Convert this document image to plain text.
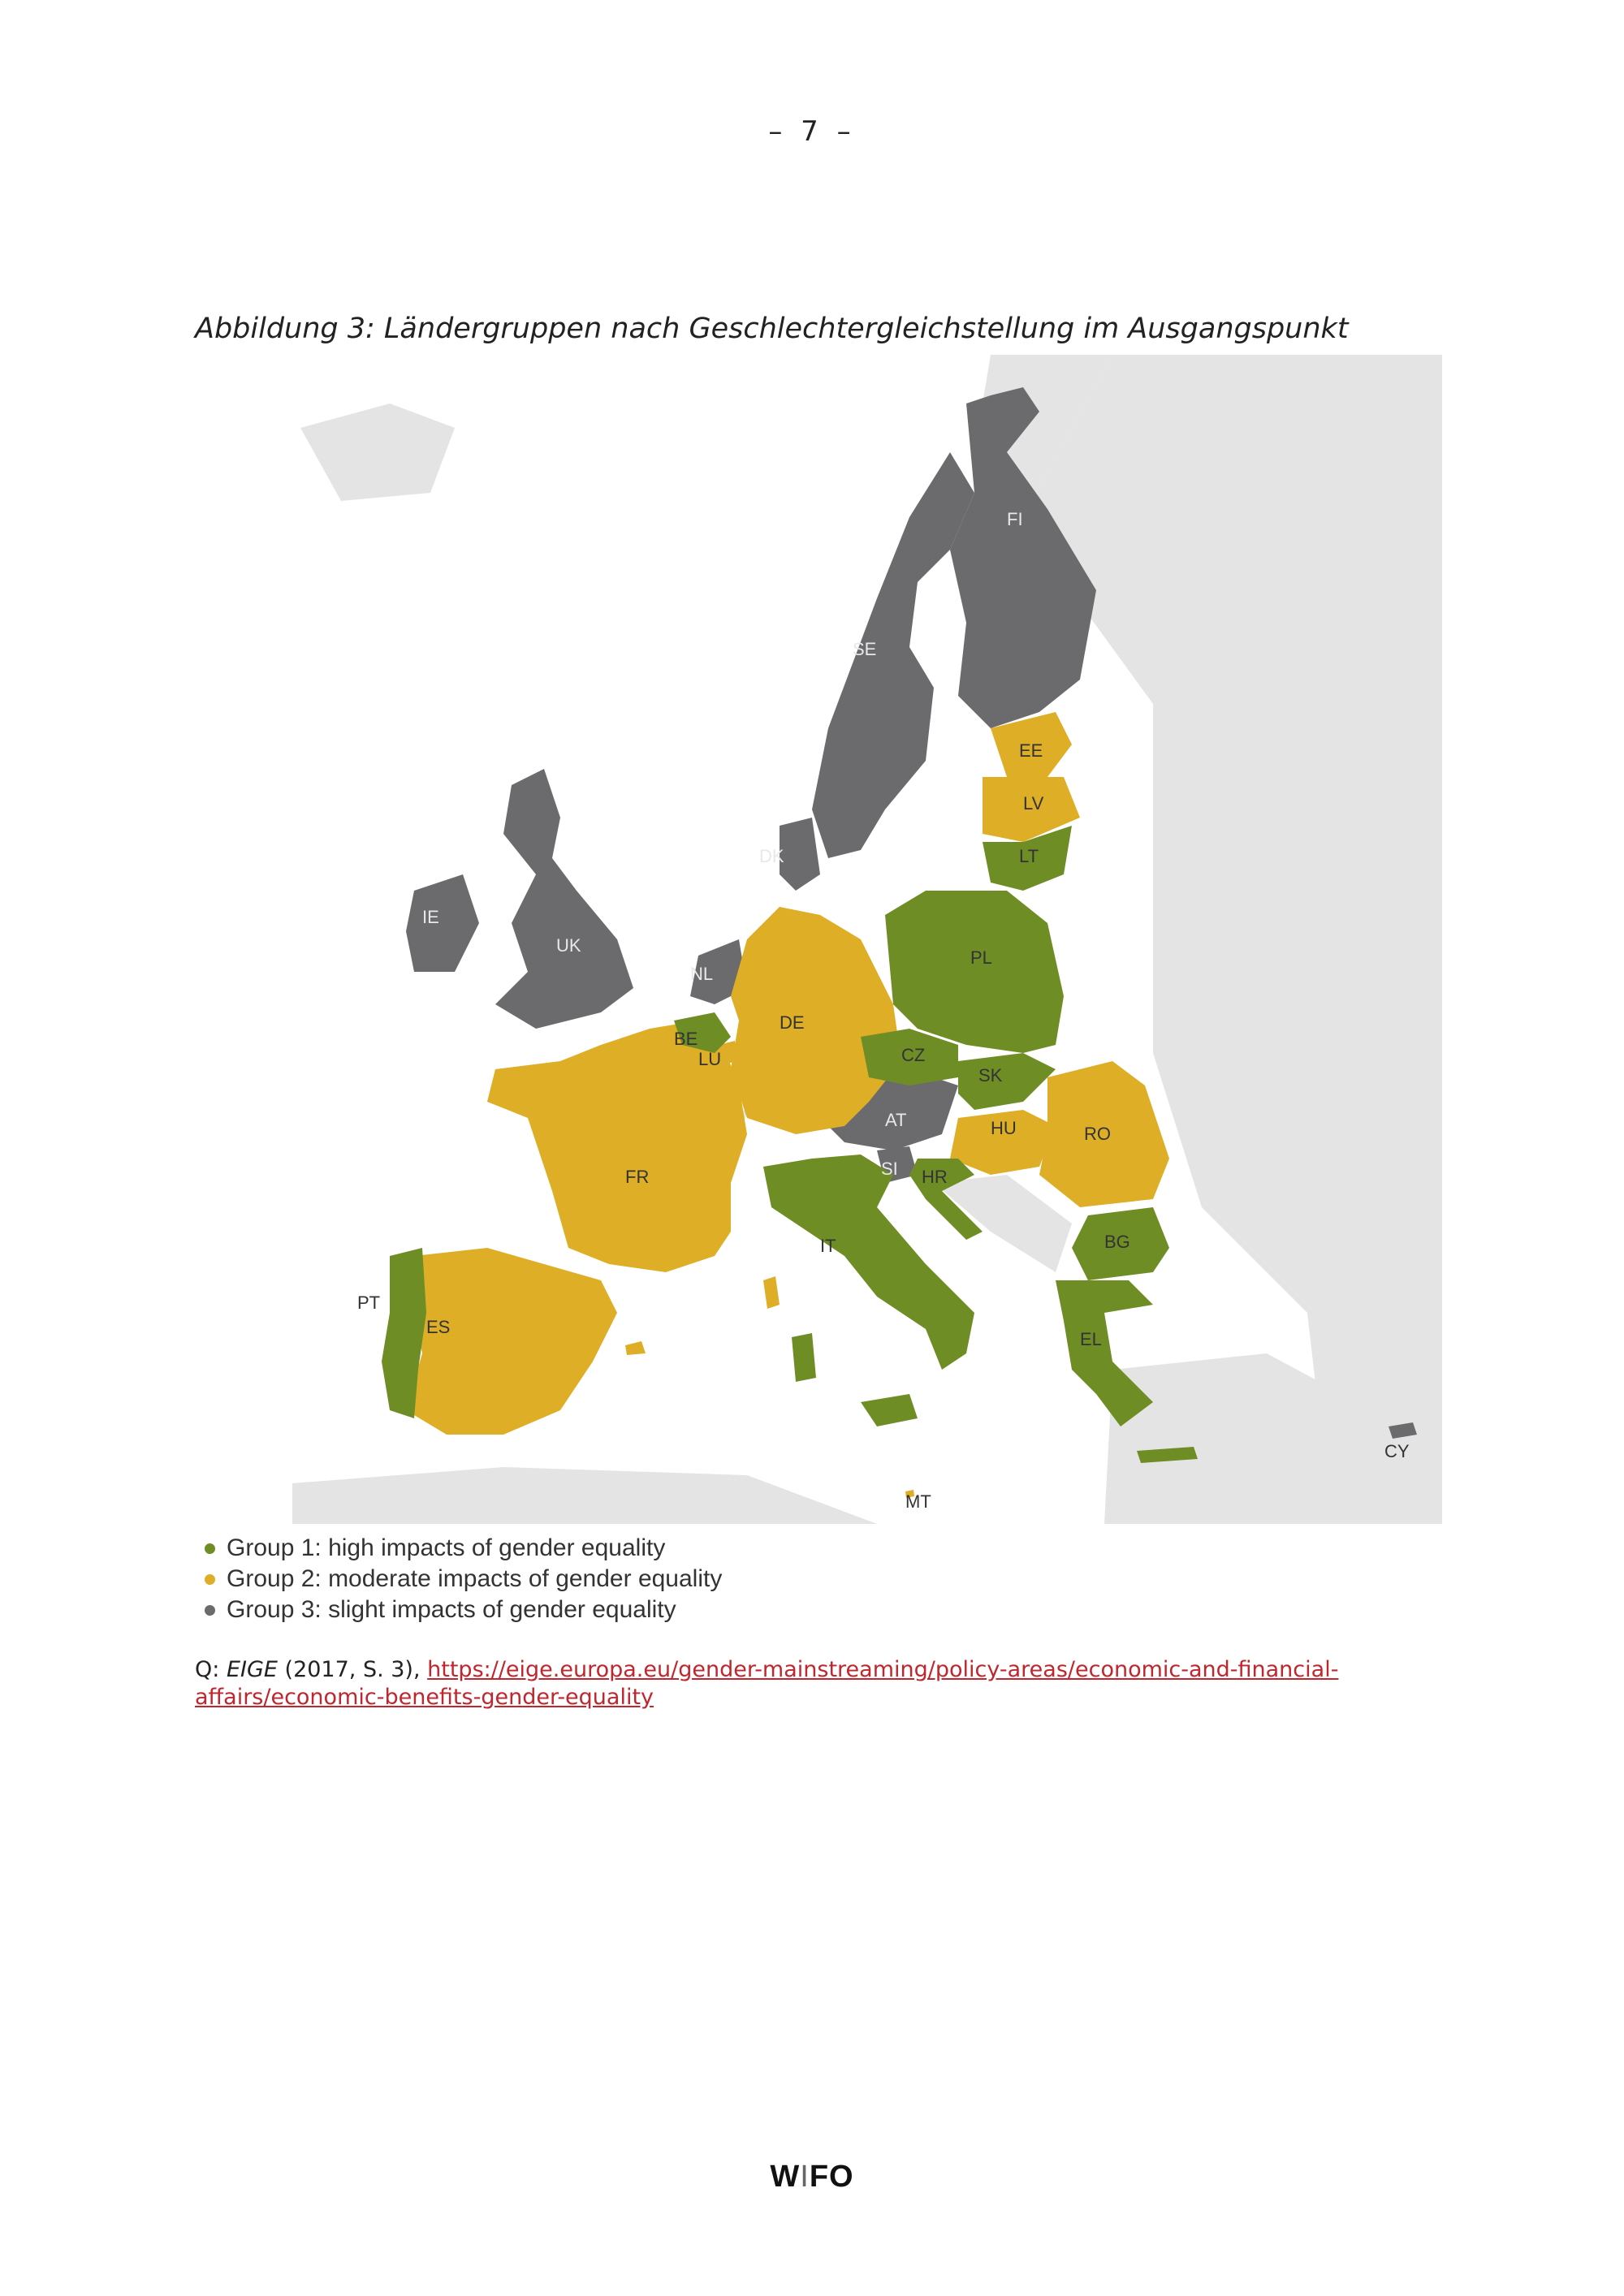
– 7 –
Abbildung 3: Ländergruppen nach Geschlechtergleichstellung im Ausgangspunkt
FI
SE
DK
IE
UK
NL
AT
SI
CY
EE
LV
LT
PL
DE
BE
LU	CZ
SK
HU	RO
HR
FR
IT	BG
PT
ES
EL
MT
Group 1: high impacts of gender equality
Group 2: moderate impacts of gender equality
Group 3: slight impacts of gender equality
Q: EIGE (2017, S. 3), https://eige.europa.eu/gender-mainstreaming/policy-areas/economic-and-financial-affairs/economic-benefits-gender-equality
WIFO
